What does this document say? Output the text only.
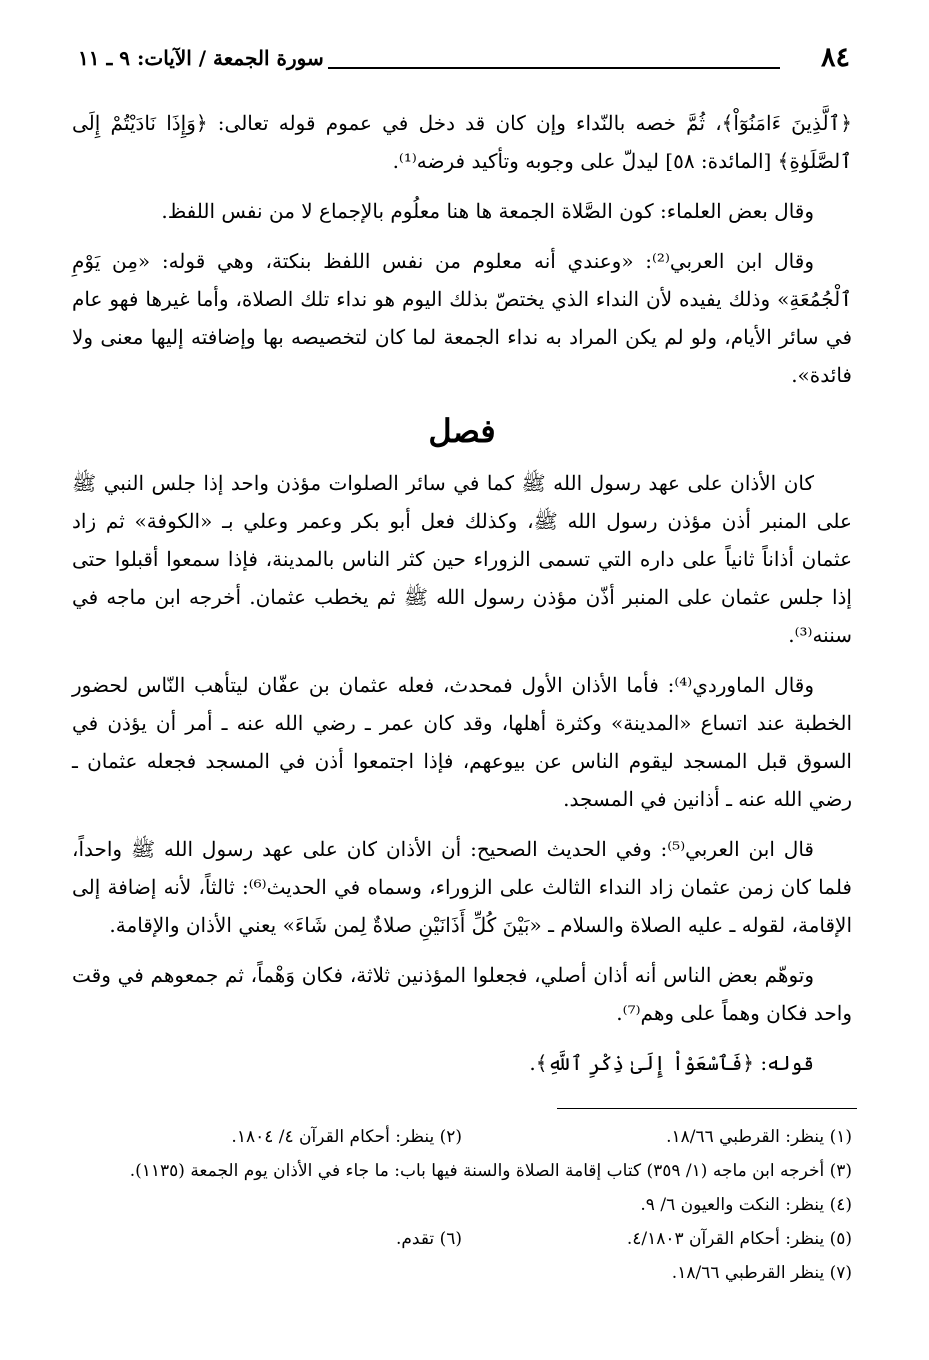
٨٤
سورة الجمعة / الآيات: ٩ ـ ١١

﴿ٱلَّذِينَ ءَامَنُوٓاْ﴾، ثُمَّ خصه بالنّداء وإن كان قد دخل في عموم قوله تعالى: ﴿وَإِذَا نَادَيْتُمْ إِلَى ٱلصَّلَوٰةِ﴾ [المائدة: ٥٨] ليدلّ على وجوبه وتأكيد فرضه⁽¹⁾.

وقال بعض العلماء: كون الصَّلاة الجمعة ها هنا معلُوم بالإجماع لا من نفس اللفظ.

وقال ابن العربي⁽²⁾: «وعندي أنه معلوم من نفس اللفظ بنكتة، وهي قوله: «مِن يَوْمِ ٱلْجُمُعَةِ» وذلك يفيده لأن النداء الذي يختصّ بذلك اليوم هو نداء تلك الصلاة، وأما غيرها فهو عام في سائر الأيام، ولو لم يكن المراد به نداء الجمعة لما كان لتخصيصه بها وإضافته إليها معنى ولا فائدة».

فصل

كان الأذان على عهد رسول الله ﷺ كما في سائر الصلوات مؤذن واحد إذا جلس النبي ﷺ على المنبر أذن مؤذن رسول الله ﷺ، وكذلك فعل أبو بكر وعمر وعلي بـ «الكوفة» ثم زاد عثمان أذاناً ثانياً على داره التي تسمى الزوراء حين كثر الناس بالمدينة، فإذا سمعوا أقبلوا حتى إذا جلس عثمان على المنبر أذّن مؤذن رسول الله ﷺ ثم يخطب عثمان. أخرجه ابن ماجه في سننه⁽³⁾.

وقال الماوردي⁽⁴⁾: فأما الأذان الأول فمحدث، فعله عثمان بن عفّان ليتأهب النّاس لحضور الخطبة عند اتساع «المدينة» وكثرة أهلها، وقد كان عمر ـ رضي الله عنه ـ أمر أن يؤذن في السوق قبل المسجد ليقوم الناس عن بيوعهم، فإذا اجتمعوا أذن في المسجد فجعله عثمان ـ رضي الله عنه ـ أذانين في المسجد.

قال ابن العربي⁽⁵⁾: وفي الحديث الصحيح: أن الأذان كان على عهد رسول الله ﷺ واحداً، فلما كان زمن عثمان زاد النداء الثالث على الزوراء، وسماه في الحديث⁽⁶⁾: ثالثاً، لأنه إضافة إلى الإقامة، لقوله ـ عليه الصلاة والسلام ـ «بَيْنَ كُلِّ أَذَانَيْنِ صلاةٌ لِمن شَاءَ» يعني الأذان والإقامة.

وتوهّم بعض الناس أنه أذان أصلي، فجعلوا المؤذنين ثلاثة، فكان وَهْماً، ثم جمعوهم في وقت واحد فكان وهماً على وهم⁽⁷⁾.

قوله: ﴿فَٱسْعَوْاْ إِلَىٰ ذِكْرِ ٱللَّهِ﴾.

(١) ينظر: القرطبي ١٨/٦٦.
(٢) ينظر: أحكام القرآن ٤/ ١٨٠٤.
(٣) أخرجه ابن ماجه (١/ ٣٥٩) كتاب إقامة الصلاة والسنة فيها باب: ما جاء في الأذان يوم الجمعة (١١٣٥).
(٤) ينظر: النكت والعيون ٦/ ٩.
(٥) ينظر: أحكام القرآن ٤/١٨٠٣.
(٦) تقدم.
(٧) ينظر القرطبي ١٨/٦٦.
